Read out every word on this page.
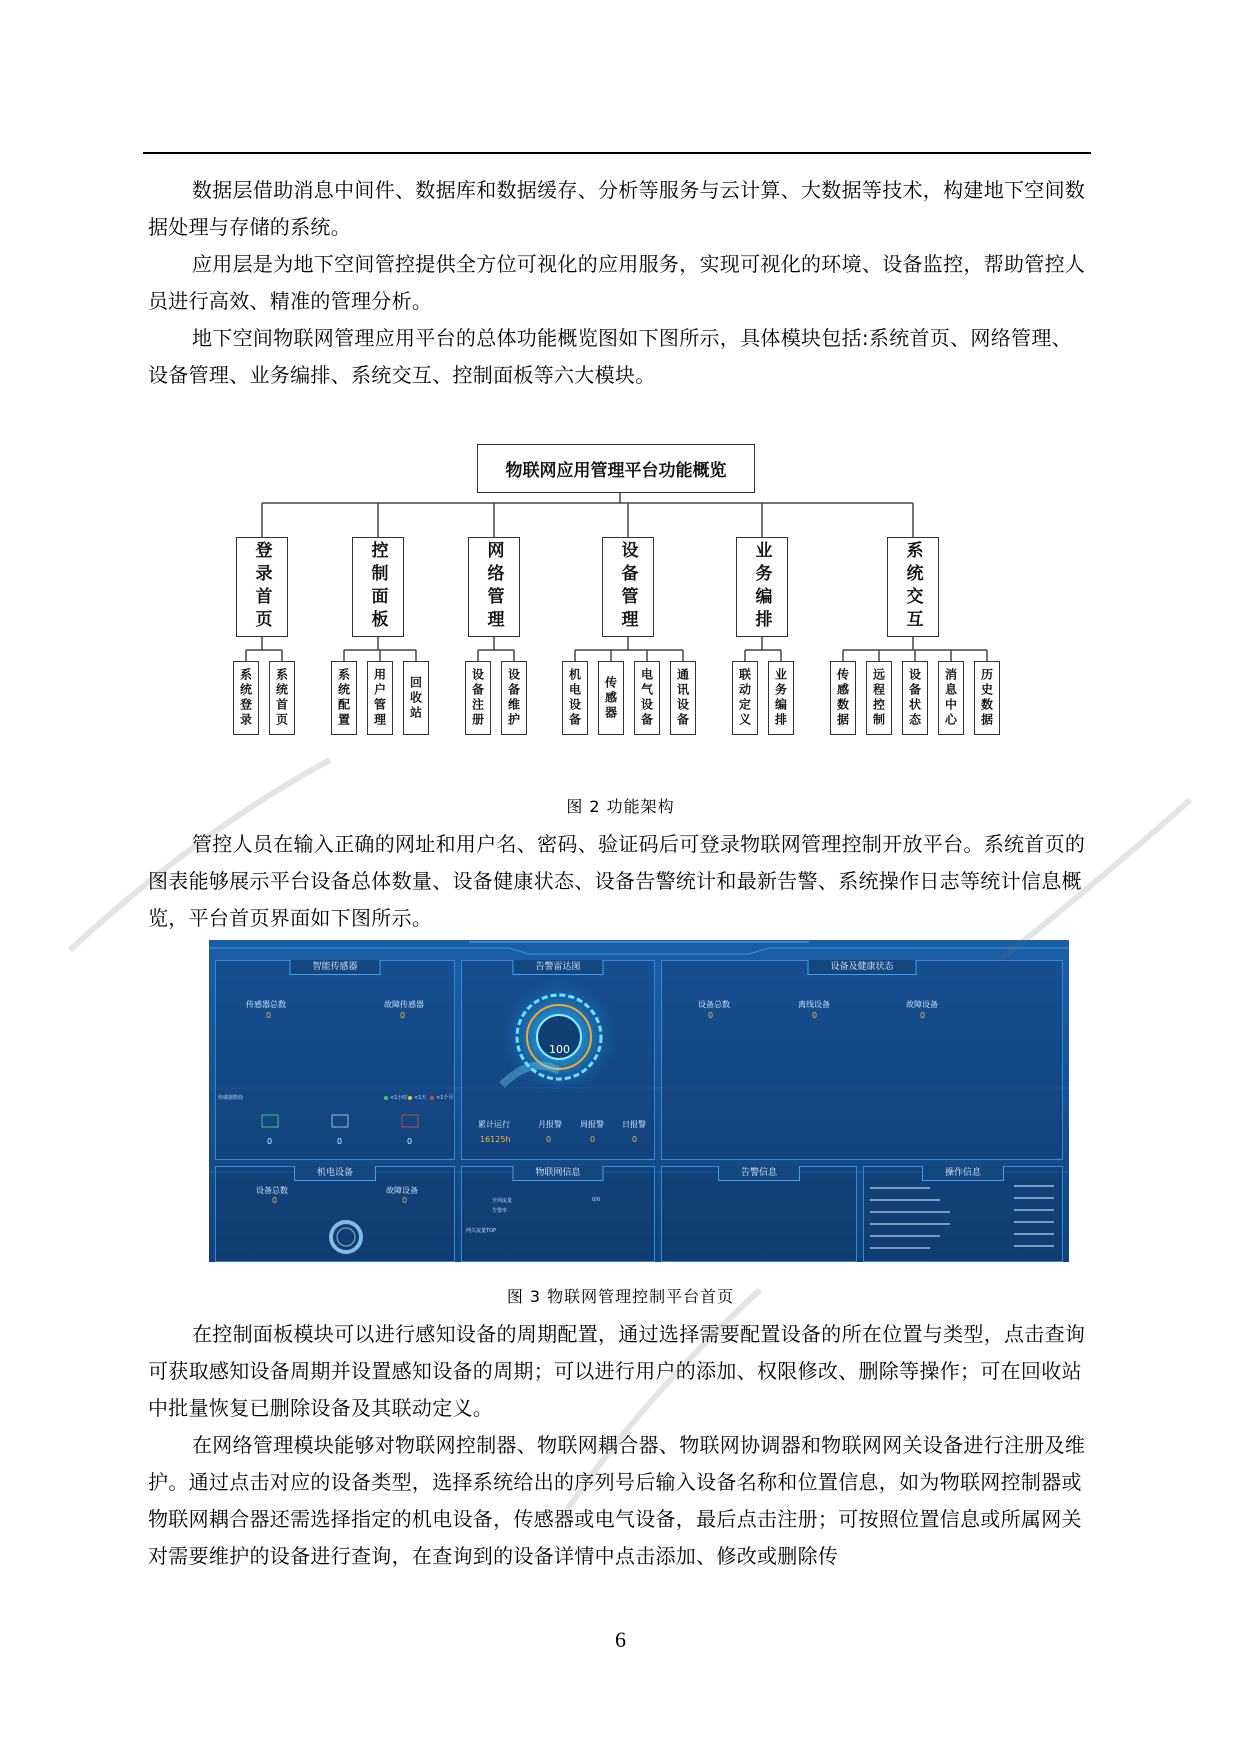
数据层借助消息中间件、数据库和数据缓存、分析等服务与云计算、大数据等技术，构建地下空间数据处理与存储的系统。

应用层是为地下空间管控提供全方位可视化的应用服务，实现可视化的环境、设备监控，帮助管控人员进行高效、精准的管理分析。

地下空间物联网管理应用平台的总体功能概览图如下图所示，具体模块包括:系统首页、网络管理、设备管理、业务编排、系统交互、控制面板等六大模块。

物联网应用管理平台功能概览
登录首页	控制面板	网络管理	设备管理	业务编排	系统交互
系统登录	系统首页	系统配置	用户管理	回收站	设备注册	设备维护	机电设备	传感器	电气设备	通讯设备	联动定义	业务编排	传感数据	远程控制	设备状态	消息中心	历史数据
图 2 功能架构

管控人员在输入正确的网址和用户名、密码、验证码后可登录物联网管理控制开放平台。系统首页的图表能够展示平台设备总体数量、设备健康状态、设备告警统计和最新告警、系统操作日志等统计信息概览，平台首页界面如下图所示。

智能传感器
传感器总数
0
故障传感器
0
传感器数曲	<1小时	<1天	<1个月
0	0	0
告警雷达图
100
累计运行
16125h
月报警
0
周报警
0
日报警
0
设备及健康状态
设备总数
0
离线设备
0
故障设备
0
机电设备
设备总数
0
故障设备
0
物联网信息
全网流量	0/0
告警率
网关流量TOP
告警信息	操作信息
图 3 物联网管理控制平台首页

在控制面板模块可以进行感知设备的周期配置，通过选择需要配置设备的所在位置与类型，点击查询可获取感知设备周期并设置感知设备的周期；可以进行用户的添加、权限修改、删除等操作；可在回收站中批量恢复已删除设备及其联动定义。

在网络管理模块能够对物联网控制器、物联网耦合器、物联网协调器和物联网网关设备进行注册及维护。通过点击对应的设备类型，选择系统给出的序列号后输入设备名称和位置信息，如为物联网控制器或物联网耦合器还需选择指定的机电设备，传感器或电气设备，最后点击注册；可按照位置信息或所属网关对需要维护的设备进行查询，在查询到的设备详情中点击添加、修改或删除传

6
